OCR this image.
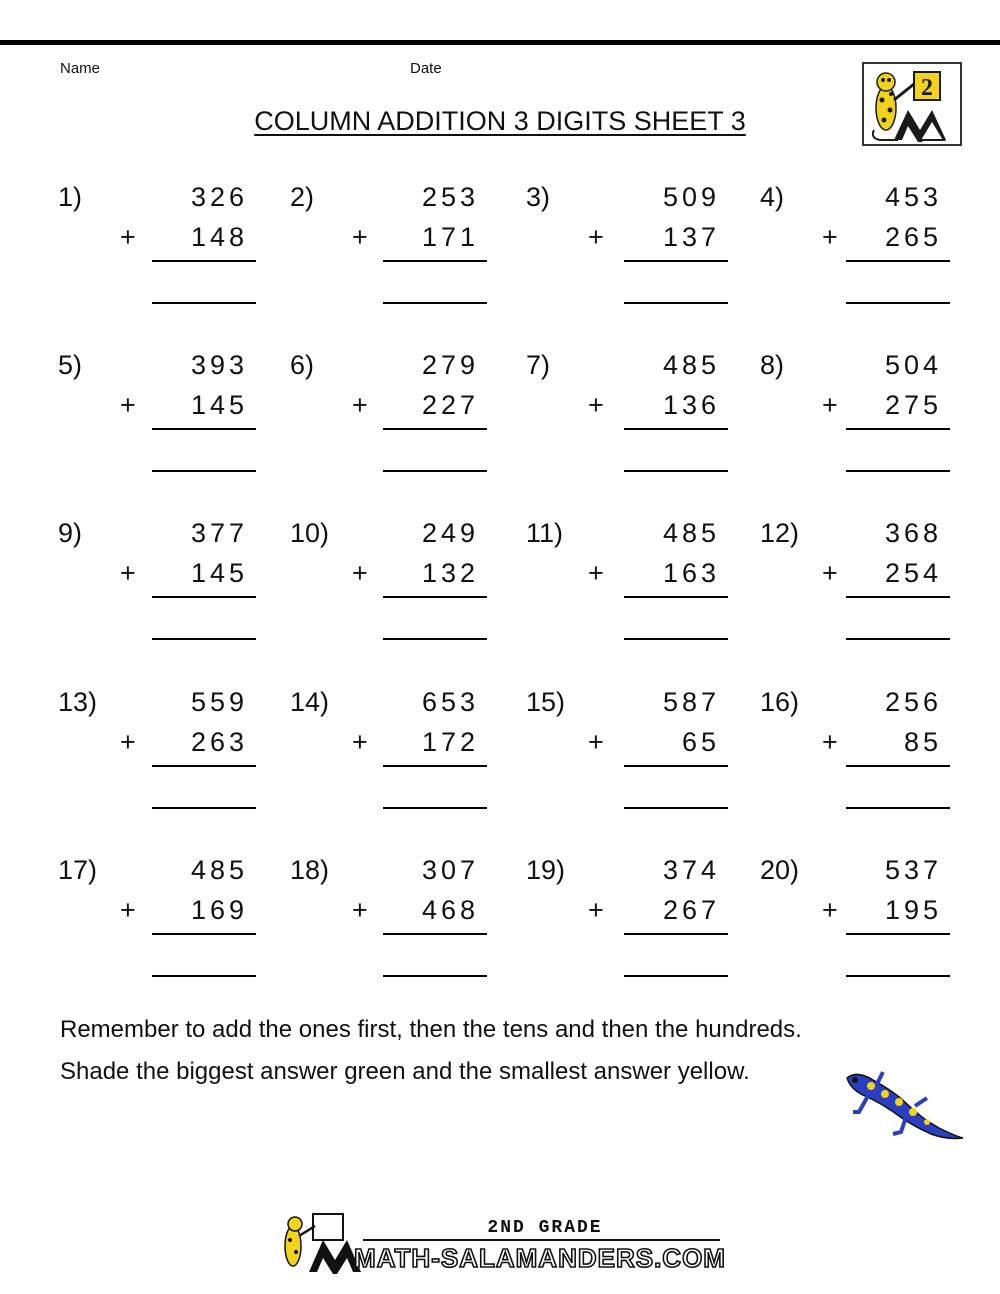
Name	Date
COLUMN ADDITION 3 DIGITS SHEET 3
2
1)
+
326
148
2)
+
253
171
3)
+
509
137
4)
+
453
265
5)
+
393
145
6)
+
279
227
7)
+
485
136
8)
+
504
275
9)
+
377
145
10)
+
249
132
11)
+
485
163
12)
+
368
254
13)
+
559
263
14)
+
653
172
15)
+
587
65
16)
+
256
85
17)
+
485
169
18)
+
307
468
19)
+
374
267
20)
+
537
195
Remember to add the ones first, then the tens and then the hundreds.
Shade the biggest answer green and the smallest answer yellow.
2ND GRADE
MATH-SALAMANDERS.COM
